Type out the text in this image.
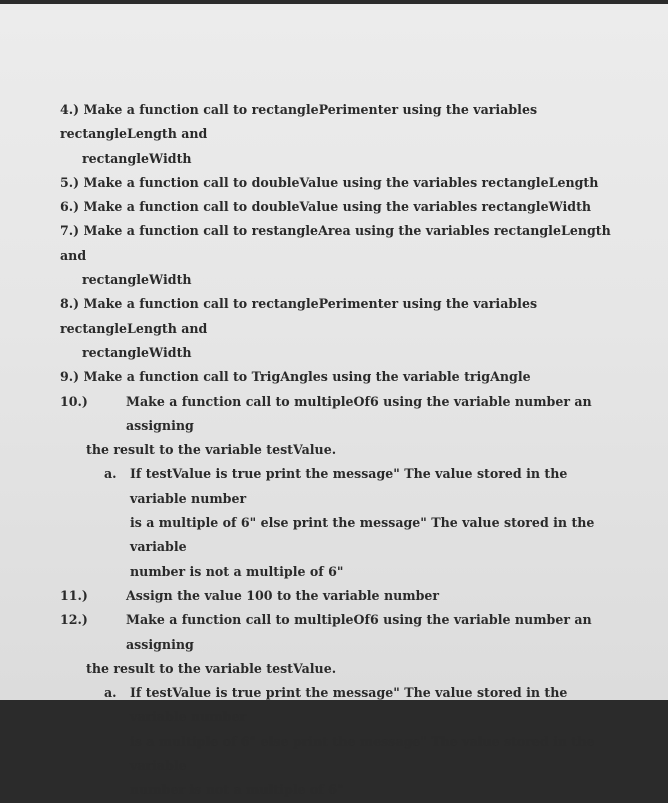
4.) Make a function call to rectanglePerimenter using the variables rectangleLength and
rectangleWidth
5.) Make a function call to doubleValue using the variables rectangleLength
6.) Make a function call to doubleValue using the variables rectangleWidth
7.) Make a function call to restangleArea using the variables rectangleLength and
rectangleWidth
8.) Make a function call to rectanglePerimenter using the variables rectangleLength and
rectangleWidth
9.) Make a function call to TrigAngles using the variable trigAngle
10.)	Make a function call to multipleOf6 using the variable number an assigning
the result to the variable testValue.
a. If testValue is true print the message" The value stored in the variable number
is a multiple of 6" else print the message" The value stored in the variable
number is not a multiple of 6"
11.)	Assign the value 100 to the variable number
12.)	Make a function call to multipleOf6 using the variable number an assigning
the result to the variable testValue.
a. If testValue is true print the message" The value stored in the variable number
is a multiple of 6" else print the message" The value stored in the variable
number is not a multiple of 6"
